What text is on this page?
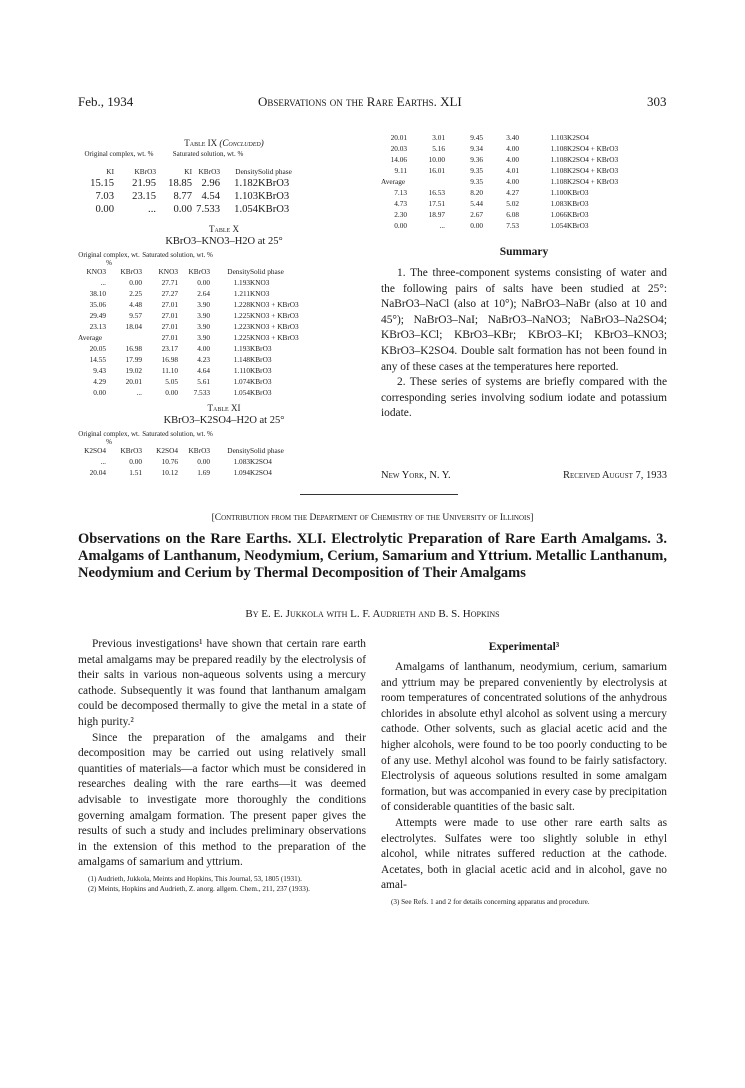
Feb., 1934	Observations on the Rare Earths. XLI	303
Table IX (Concluded)
Original complex, wt. %	Saturated solution, wt. %
KI	KBrO3	KI	KBrO3	Density	Solid phase
15.15	21.95	18.85	2.96	1.182	KBrO3
7.03	23.15	8.77	4.54	1.103	KBrO3
0.00	...	0.00	7.533	1.054	KBrO3
Table X
KBrO3–KNO3–H2O at 25°
Original complex, wt. %
Saturated solution, wt. %
KNO3	KBrO3	KNO3	KBrO3	Density	Solid phase
...	0.00	27.71	0.00	1.193	KNO3
38.10	2.25	27.27	2.64	1.211	KNO3
35.06	4.48	27.01	3.90	1.228	KNO3 + KBrO3
29.49	9.57	27.01	3.90	1.225	KNO3 + KBrO3
23.13	18.04	27.01	3.90	1.223	KNO3 + KBrO3
Average		27.01	3.90	1.225	KNO3 + KBrO3
20.05	16.98	23.17	4.00	1.193	KBrO3
14.55	17.99	16.98	4.23	1.148	KBrO3
9.43	19.02	11.10	4.64	1.110	KBrO3
4.29	20.01	5.05	5.61	1.074	KBrO3
0.00	...	0.00	7.533	1.054	KBrO3
Table XI
KBrO3–K2SO4–H2O at 25°
Original complex, wt. %
Saturated solution, wt. %
K2SO4	KBrO3	K2SO4	KBrO3	Density	Solid phase
...	0.00	10.76	0.00	1.083	K2SO4
20.04	1.51	10.12	1.69	1.094	K2SO4
20.01	3.01	9.45	3.40	1.103	K2SO4
20.03	5.16	9.34	4.00	1.108	K2SO4 + KBrO3
14.06	10.00	9.36	4.00	1.108	K2SO4 + KBrO3
9.11	16.01	9.35	4.01	1.108	K2SO4 + KBrO3
Average		9.35	4.00	1.108	K2SO4 + KBrO3
7.13	16.53	8.20	4.27	1.100	KBrO3
4.73	17.51	5.44	5.02	1.083	KBrO3
2.30	18.97	2.67	6.08	1.066	KBrO3
0.00	...	0.00	7.53	1.054	KBrO3
Summary

1. The three-component systems consisting of water and the following pairs of salts have been studied at 25°: NaBrO3–NaCl (also at 10°); NaBrO3–NaBr (also at 10 and 45°); NaBrO3–NaI; NaBrO3–NaNO3; NaBrO3–Na2SO4; KBrO3–KCl; KBrO3–KBr; KBrO3–KI; KBrO3–KNO3; KBrO3–K2SO4. Double salt formation has not been found in any of these cases at the temperatures here reported.

2. These series of systems are briefly compared with the corresponding series involving sodium iodate and potassium iodate.

New York, N. Y.	Received August 7, 1933
[Contribution from the Department of Chemistry of the University of Illinois]
Observations on the Rare Earths. XLI. Electrolytic Preparation of Rare Earth Amalgams. 3. Amalgams of Lanthanum, Neodymium, Cerium, Samarium and Yttrium. Metallic Lanthanum, Neodymium and Cerium by Thermal Decomposition of Their Amalgams
By E. E. Jukkola with L. F. Audrieth and B. S. Hopkins

Previous investigations¹ have shown that certain rare earth metal amalgams may be prepared readily by the electrolysis of their salts in various non-aqueous solvents using a mercury cathode. Subsequently it was found that lanthanum amalgam could be decomposed thermally to give the metal in a state of high purity.²

Since the preparation of the amalgams and their decomposition may be carried out using relatively small quantities of materials—a factor which must be considered in researches dealing with the rare earths—it was deemed advisable to investigate more thoroughly the conditions governing amalgam formation. The present paper gives the results of such a study and includes preliminary observations in the extension of this method to the preparation of the amalgams of samarium and yttrium.

(1) Audrieth, Jukkola, Meints and Hopkins, This Journal, 53, 1805 (1931).

(2) Meints, Hopkins and Audrieth, Z. anorg. allgem. Chem., 211, 237 (1933).

Experimental³

Amalgams of lanthanum, neodymium, cerium, samarium and yttrium may be prepared conveniently by electrolysis at room temperatures of concentrated solutions of the anhydrous chlorides in absolute ethyl alcohol as solvent using a mercury cathode. Other solvents, such as glacial acetic acid and the higher alcohols, were found to be too poorly conducting to be of any use. Methyl alcohol was found to be fairly satisfactory. Electrolysis of aqueous solutions resulted in some amalgam formation, but was accompanied in every case by precipitation of considerable quantities of the basic salt.

Attempts were made to use other rare earth salts as electrolytes. Sulfates were too slightly soluble in ethyl alcohol, while nitrates suffered reduction at the cathode. Acetates, both in glacial acetic acid and in alcohol, gave no amal-

(3) See Refs. 1 and 2 for details concerning apparatus and procedure.
